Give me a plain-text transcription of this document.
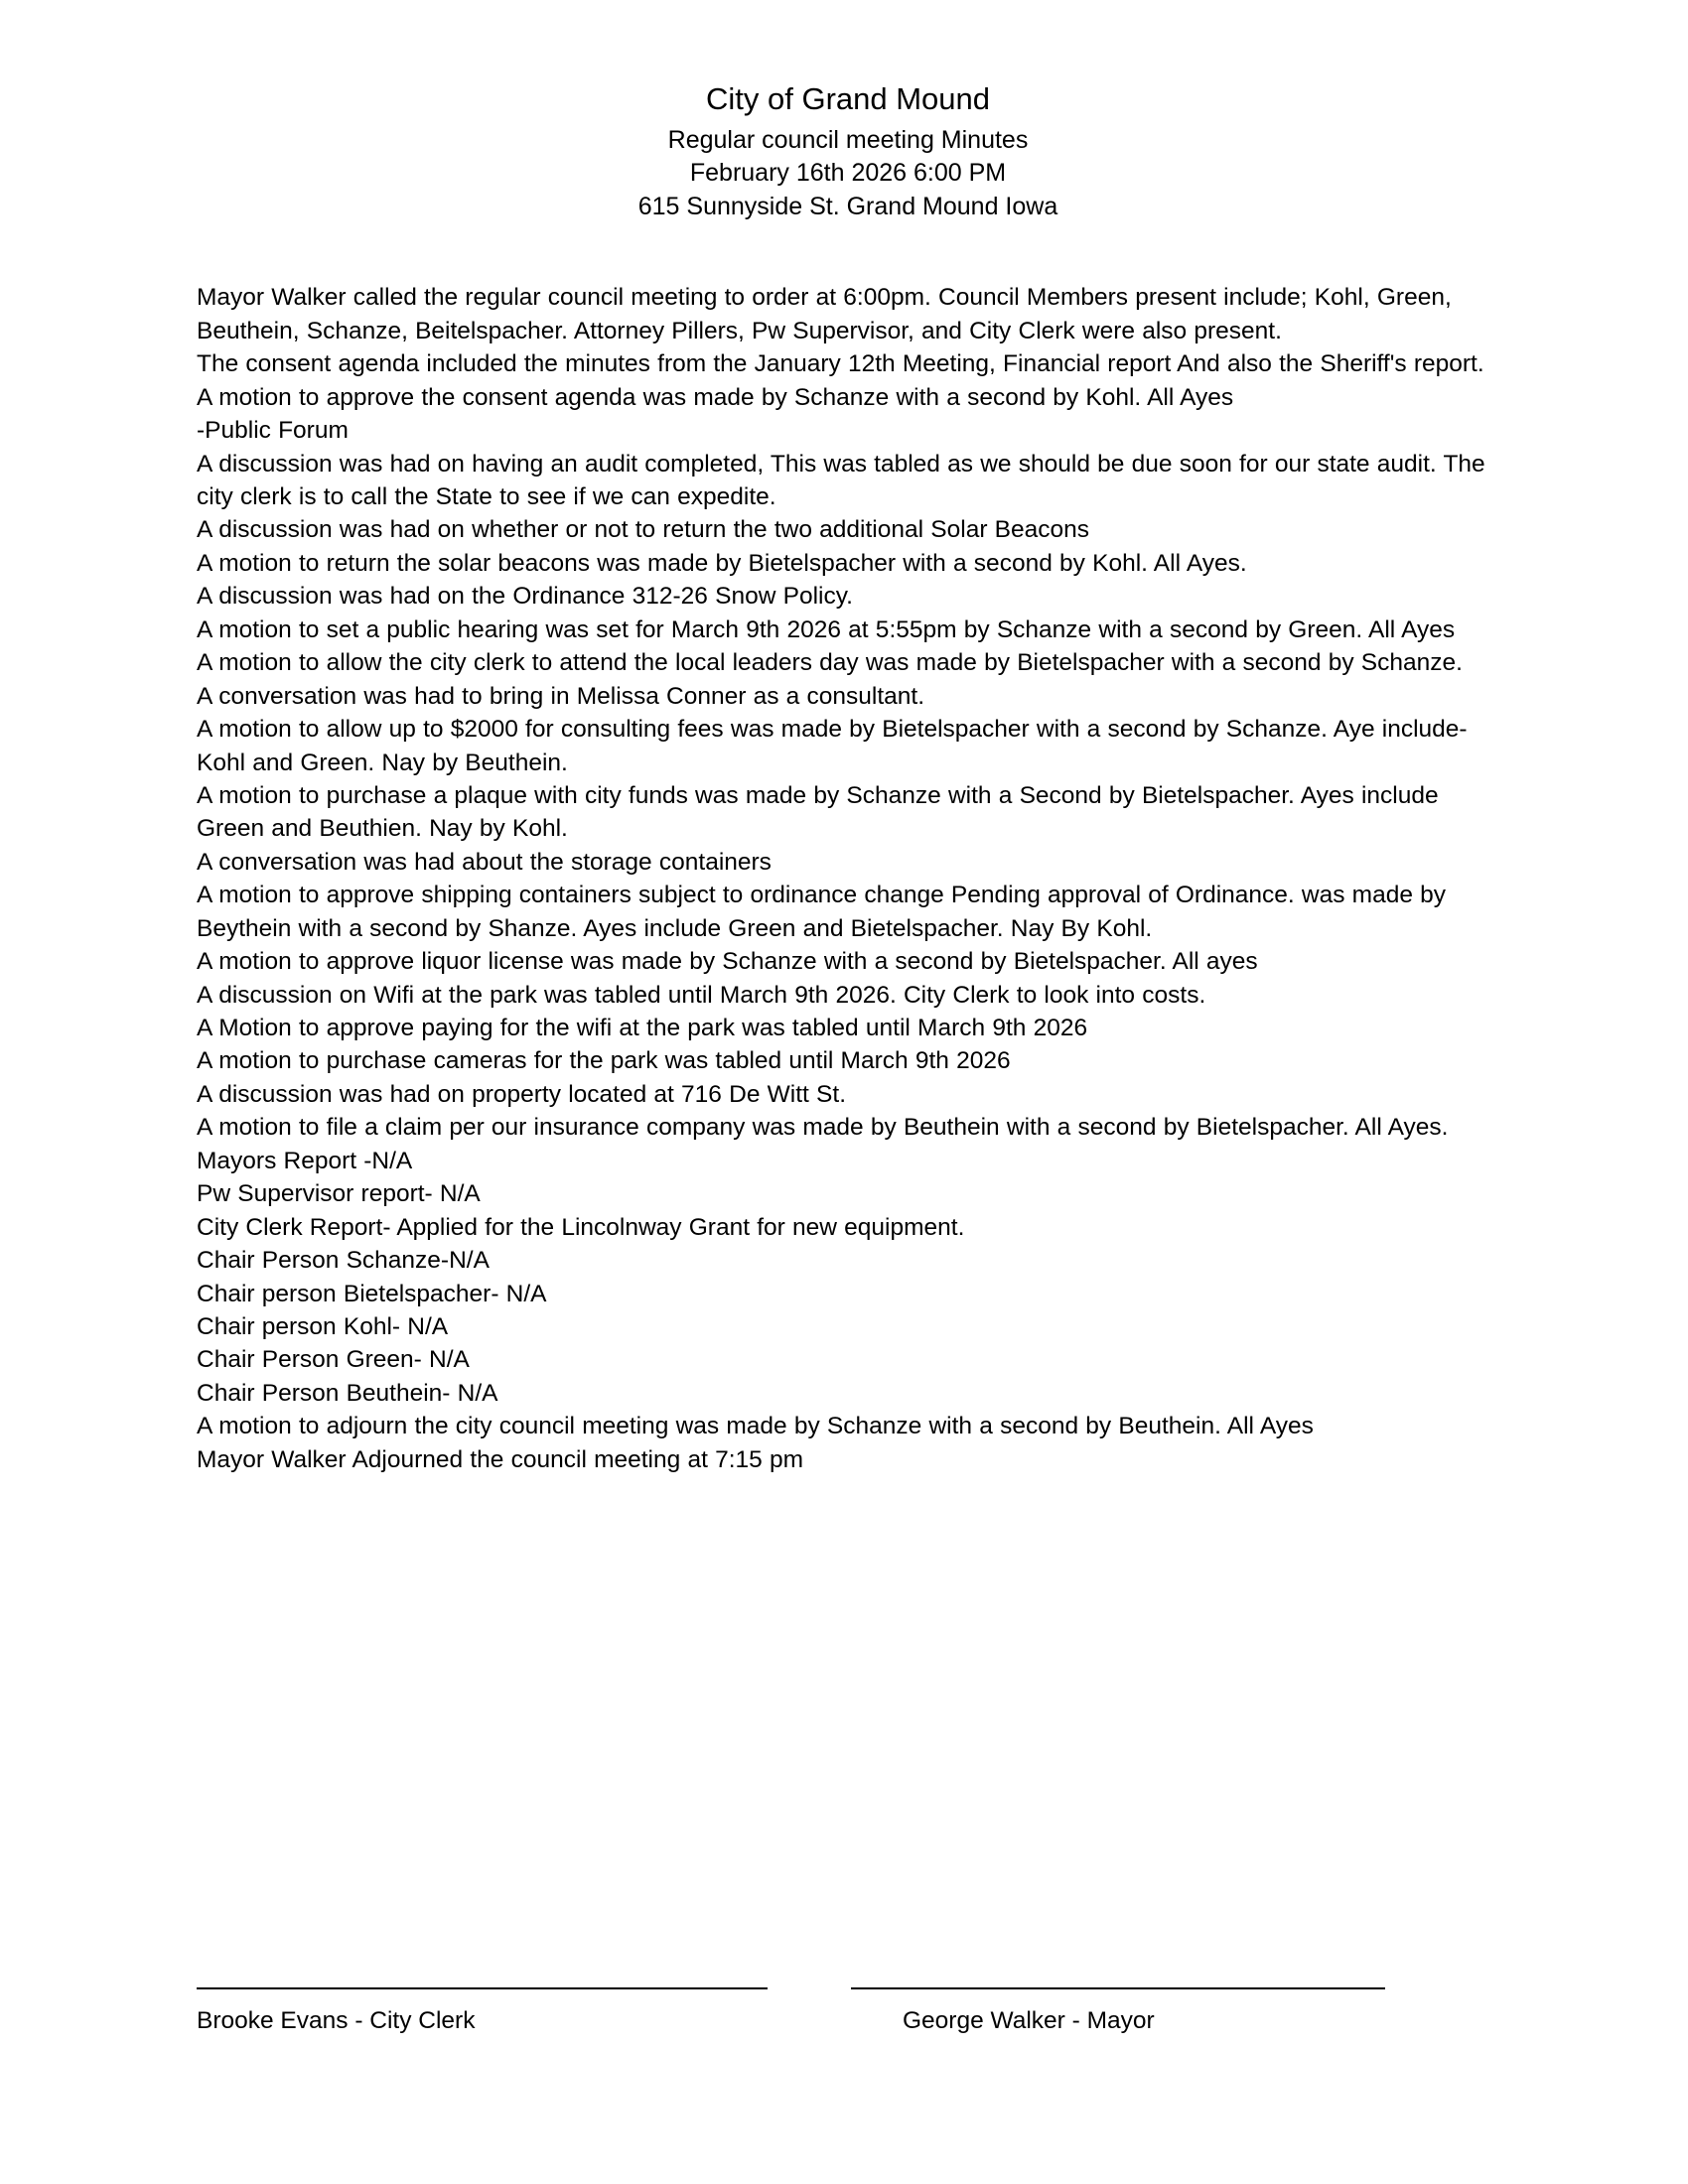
City of Grand Mound

Regular council meeting Minutes

February 16th 2026 6:00 PM

615 Sunnyside St. Grand Mound Iowa

Mayor Walker called the regular council meeting to order at 6:00pm. Council Members present include; Kohl, Green, Beuthein, Schanze, Beitelspacher. Attorney Pillers, Pw Supervisor, and City Clerk were also present.

The consent agenda included the minutes from the January 12th Meeting, Financial report And also the Sheriff's report.

A motion to approve the consent agenda was made by Schanze with a second by Kohl. All Ayes

-Public Forum

A discussion was had on having an audit completed, This was tabled as we should be due soon for our state audit. The city clerk is to call the State to see if we can expedite.

A discussion was had on whether or not to return the two additional Solar Beacons

A motion to return the solar beacons was made by Bietelspacher with a second by Kohl. All Ayes.

A discussion was had on the Ordinance 312-26 Snow Policy.

A motion to set a public hearing was set for March 9th 2026 at 5:55pm by Schanze with a second by Green. All Ayes

A motion to allow the city clerk to attend the local leaders day was made by Bietelspacher with a second by Schanze.

A conversation was had to bring in Melissa Conner as a consultant.

A motion to allow up to $2000 for consulting fees was made by Bietelspacher with a second by Schanze. Aye include-Kohl and Green. Nay by Beuthein.

A motion to purchase a plaque with city funds was made by Schanze with a Second by Bietelspacher. Ayes include Green and Beuthien. Nay by Kohl.

A conversation was had about the storage containers

A motion to approve shipping containers subject to ordinance change Pending approval of Ordinance. was made by Beythein with a second by Shanze. Ayes include Green and Bietelspacher. Nay By Kohl.

A motion to approve liquor license was made by Schanze with a second by Bietelspacher. All ayes

A discussion on Wifi at the park was tabled until March 9th 2026. City Clerk to look into costs.

A Motion to approve paying for the wifi at the park was tabled until March 9th 2026

A motion to purchase cameras for the park was tabled until March 9th 2026

A discussion was had on property located at 716 De Witt St.

A motion to file a claim per our insurance company was made by Beuthein with a second by Bietelspacher. All Ayes.

Mayors Report -N/A

Pw Supervisor report- N/A

City Clerk Report- Applied for the Lincolnway Grant for new equipment.

Chair Person Schanze-N/A

Chair person Bietelspacher- N/A

Chair person Kohl- N/A

Chair Person Green- N/A

Chair Person Beuthein- N/A

A motion to adjourn the city council meeting was made by Schanze with a second by Beuthein. All Ayes

Mayor Walker Adjourned the council meeting at 7:15 pm

Brooke Evans - City Clerk	George Walker - Mayor
